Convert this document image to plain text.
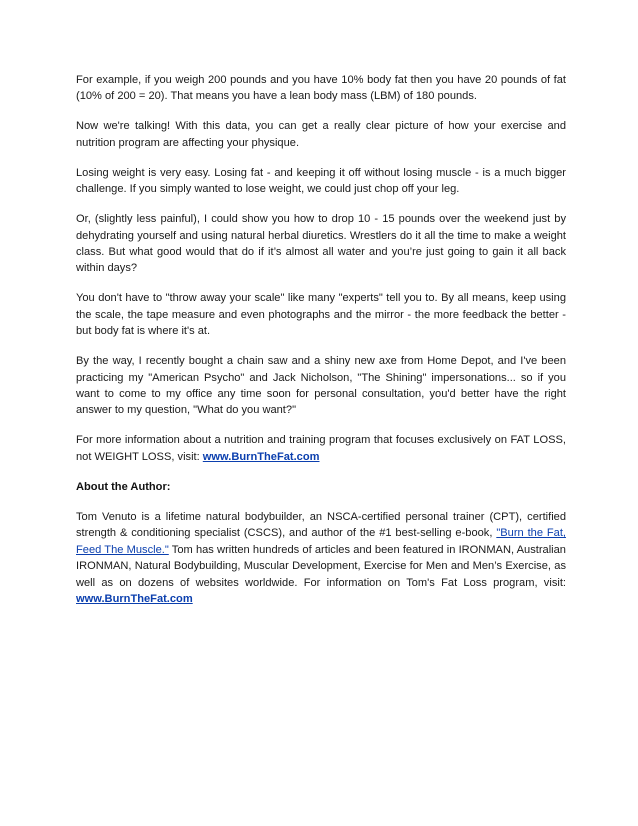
For example, if you weigh 200 pounds and you have 10% body fat then you have 20 pounds of fat (10% of 200 = 20). That means you have a lean body mass (LBM) of 180 pounds.

Now we're talking! With this data, you can get a really clear picture of how your exercise and nutrition program are affecting your physique.

Losing weight is very easy. Losing fat - and keeping it off without losing muscle - is a much bigger challenge. If you simply wanted to lose weight, we could just chop off your leg.

Or, (slightly less painful), I could show you how to drop 10 - 15 pounds over the weekend just by dehydrating yourself and using natural herbal diuretics. Wrestlers do it all the time to make a weight class. But what good would that do if it’s almost all water and you’re just going to gain it all back within days?

You don't have to "throw away your scale" like many "experts" tell you to. By all means, keep using the scale, the tape measure and even photographs and the mirror - the more feedback the better - but body fat is where it's at.

By the way, I recently bought a chain saw and a shiny new axe from Home Depot, and I've been practicing my "American Psycho" and Jack Nicholson, "The Shining" impersonations... so if you want to come to my office any time soon for personal consultation, you'd better have the right answer to my question, "What do you want?"

For more information about a nutrition and training program that focuses exclusively on FAT LOSS, not WEIGHT LOSS, visit: www.BurnTheFat.com

About the Author:

Tom Venuto is a lifetime natural bodybuilder, an NSCA-certified personal trainer (CPT), certified strength & conditioning specialist (CSCS), and author of the #1 best-selling e-book, "Burn the Fat, Feed The Muscle." Tom has written hundreds of articles and been featured in IRONMAN, Australian IRONMAN, Natural Bodybuilding, Muscular Development, Exercise for Men and Men’s Exercise, as well as on dozens of websites worldwide. For information on Tom's Fat Loss program, visit: www.BurnTheFat.com
